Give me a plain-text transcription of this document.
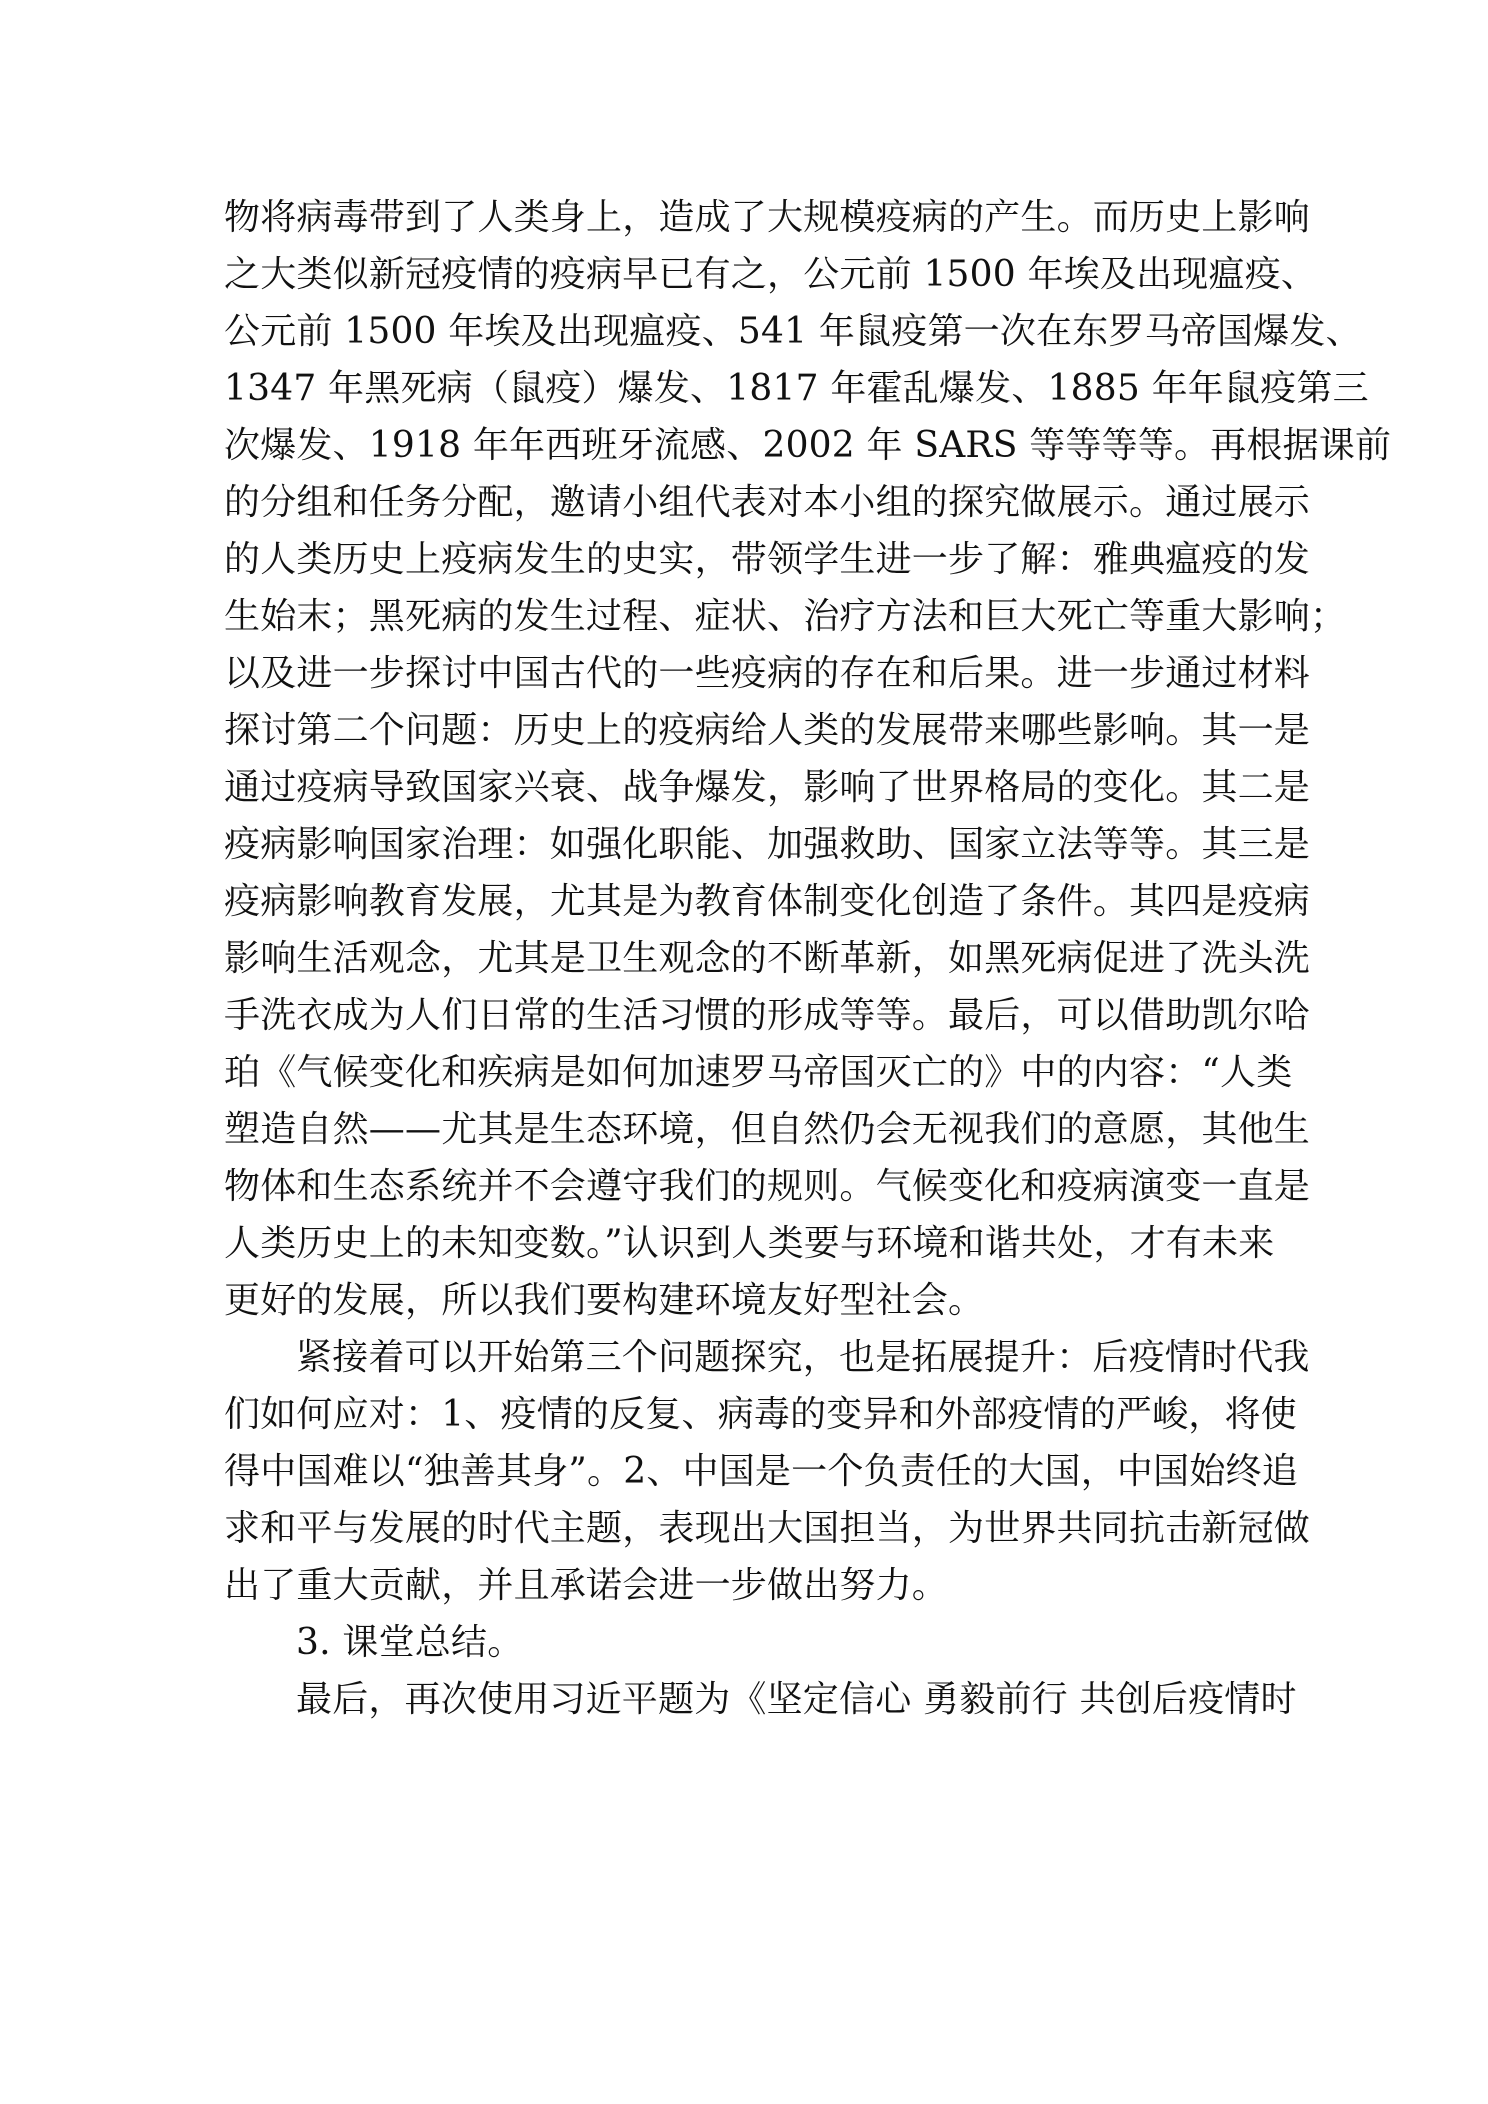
物将病毒带到了人类身上，造成了大规模疫病的产生。而历史上影响
之大类似新冠疫情的疫病早已有之，公元前 1500 年埃及出现瘟疫、
公元前 1500 年埃及出现瘟疫、541 年鼠疫第一次在东罗马帝国爆发、
1347 年黑死病（鼠疫）爆发、1817 年霍乱爆发、1885 年年鼠疫第三
次爆发、1918 年年西班牙流感、2002 年 SARS 等等等等。再根据课前
的分组和任务分配，邀请小组代表对本小组的探究做展示。通过展示
的人类历史上疫病发生的史实，带领学生进一步了解：雅典瘟疫的发
生始末；黑死病的发生过程、症状、治疗方法和巨大死亡等重大影响；
以及进一步探讨中国古代的一些疫病的存在和后果。进一步通过材料
探讨第二个问题：历史上的疫病给人类的发展带来哪些影响。其一是
通过疫病导致国家兴衰、战争爆发，影响了世界格局的变化。其二是
疫病影响国家治理：如强化职能、加强救助、国家立法等等。其三是
疫病影响教育发展，尤其是为教育体制变化创造了条件。其四是疫病
影响生活观念，尤其是卫生观念的不断革新，如黑死病促进了洗头洗
手洗衣成为人们日常的生活习惯的形成等等。最后，可以借助凯尔哈
珀《气候变化和疾病是如何加速罗马帝国灭亡的》中的内容：“人类
塑造自然——尤其是生态环境，但自然仍会无视我们的意愿，其他生
物体和生态系统并不会遵守我们的规则。气候变化和疫病演变一直是
人类历史上的未知变数。”认识到人类要与环境和谐共处，才有未来
更好的发展，所以我们要构建环境友好型社会。
紧接着可以开始第三个问题探究，也是拓展提升：后疫情时代我
们如何应对：1、疫情的反复、病毒的变异和外部疫情的严峻，将使
得中国难以“独善其身”。2、中国是一个负责任的大国，中国始终追
求和平与发展的时代主题，表现出大国担当，为世界共同抗击新冠做
出了重大贡献，并且承诺会进一步做出努力。
3. 课堂总结。
最后，再次使用习近平题为《坚定信心 勇毅前行 共创后疫情时
